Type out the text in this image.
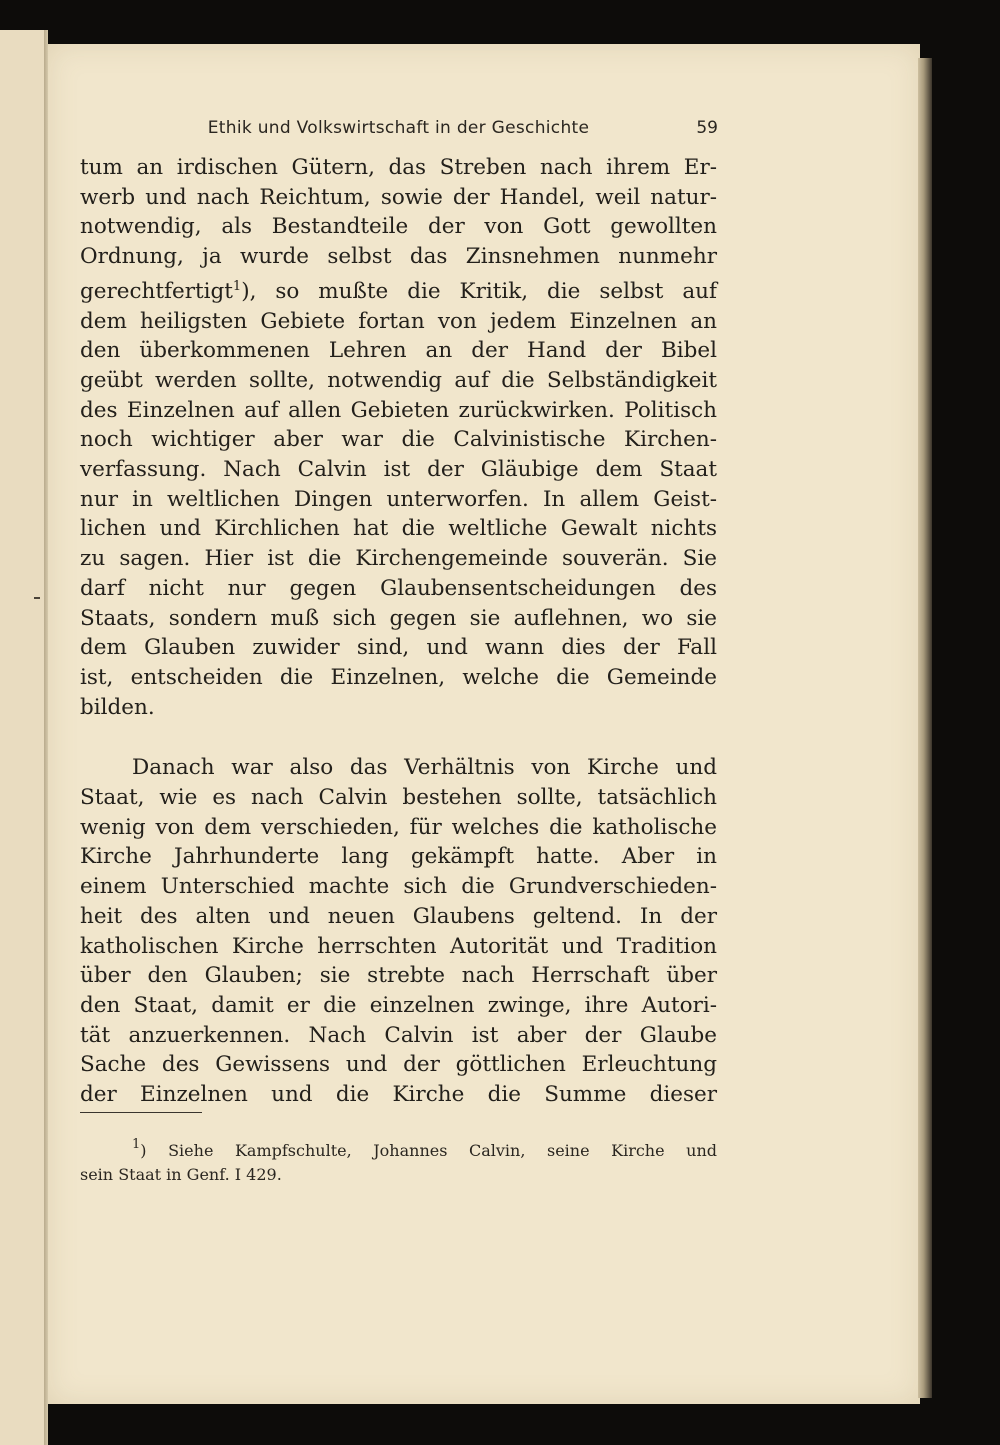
Ethik und Volkswirtschaft in der Geschichte	59
tum an irdischen Gütern, das Streben nach ihrem Er-
werb und nach Reichtum, sowie der Handel, weil natur-
notwendig, als Bestandteile der von Gott gewollten
Ordnung, ja wurde selbst das Zinsnehmen nunmehr
gerechtfertigt$^1$), so mußte die Kritik, die selbst auf
dem heiligsten Gebiete fortan von jedem Einzelnen an
den überkommenen Lehren an der Hand der Bibel
geübt werden sollte, notwendig auf die Selbständigkeit
des Einzelnen auf allen Gebieten zurückwirken. Politisch
noch wichtiger aber war die Calvinistische Kirchen-
verfassung. Nach Calvin ist der Gläubige dem Staat
nur in weltlichen Dingen unterworfen. In allem Geist-
lichen und Kirchlichen hat die weltliche Gewalt nichts
zu sagen. Hier ist die Kirchengemeinde souverän. Sie
darf nicht nur gegen Glaubensentscheidungen des
Staats, sondern muß sich gegen sie auflehnen, wo sie
dem Glauben zuwider sind, und wann dies der Fall
ist, entscheiden die Einzelnen, welche die Gemeinde
bilden.
Danach war also das Verhältnis von Kirche und
Staat, wie es nach Calvin bestehen sollte, tatsächlich
wenig von dem verschieden, für welches die katholische
Kirche Jahrhunderte lang gekämpft hatte. Aber in
einem Unterschied machte sich die Grundverschieden-
heit des alten und neuen Glaubens geltend. In der
katholischen Kirche herrschten Autorität und Tradition
über den Glauben; sie strebte nach Herrschaft über
den Staat, damit er die einzelnen zwinge, ihre Autori-
tät anzuerkennen. Nach Calvin ist aber der Glaube
Sache des Gewissens und der göttlichen Erleuchtung
der Einzelnen und die Kirche die Summe dieser
$^1$) Siehe Kampfschulte, Johannes Calvin, seine Kirche und
sein Staat in Genf. I 429.
